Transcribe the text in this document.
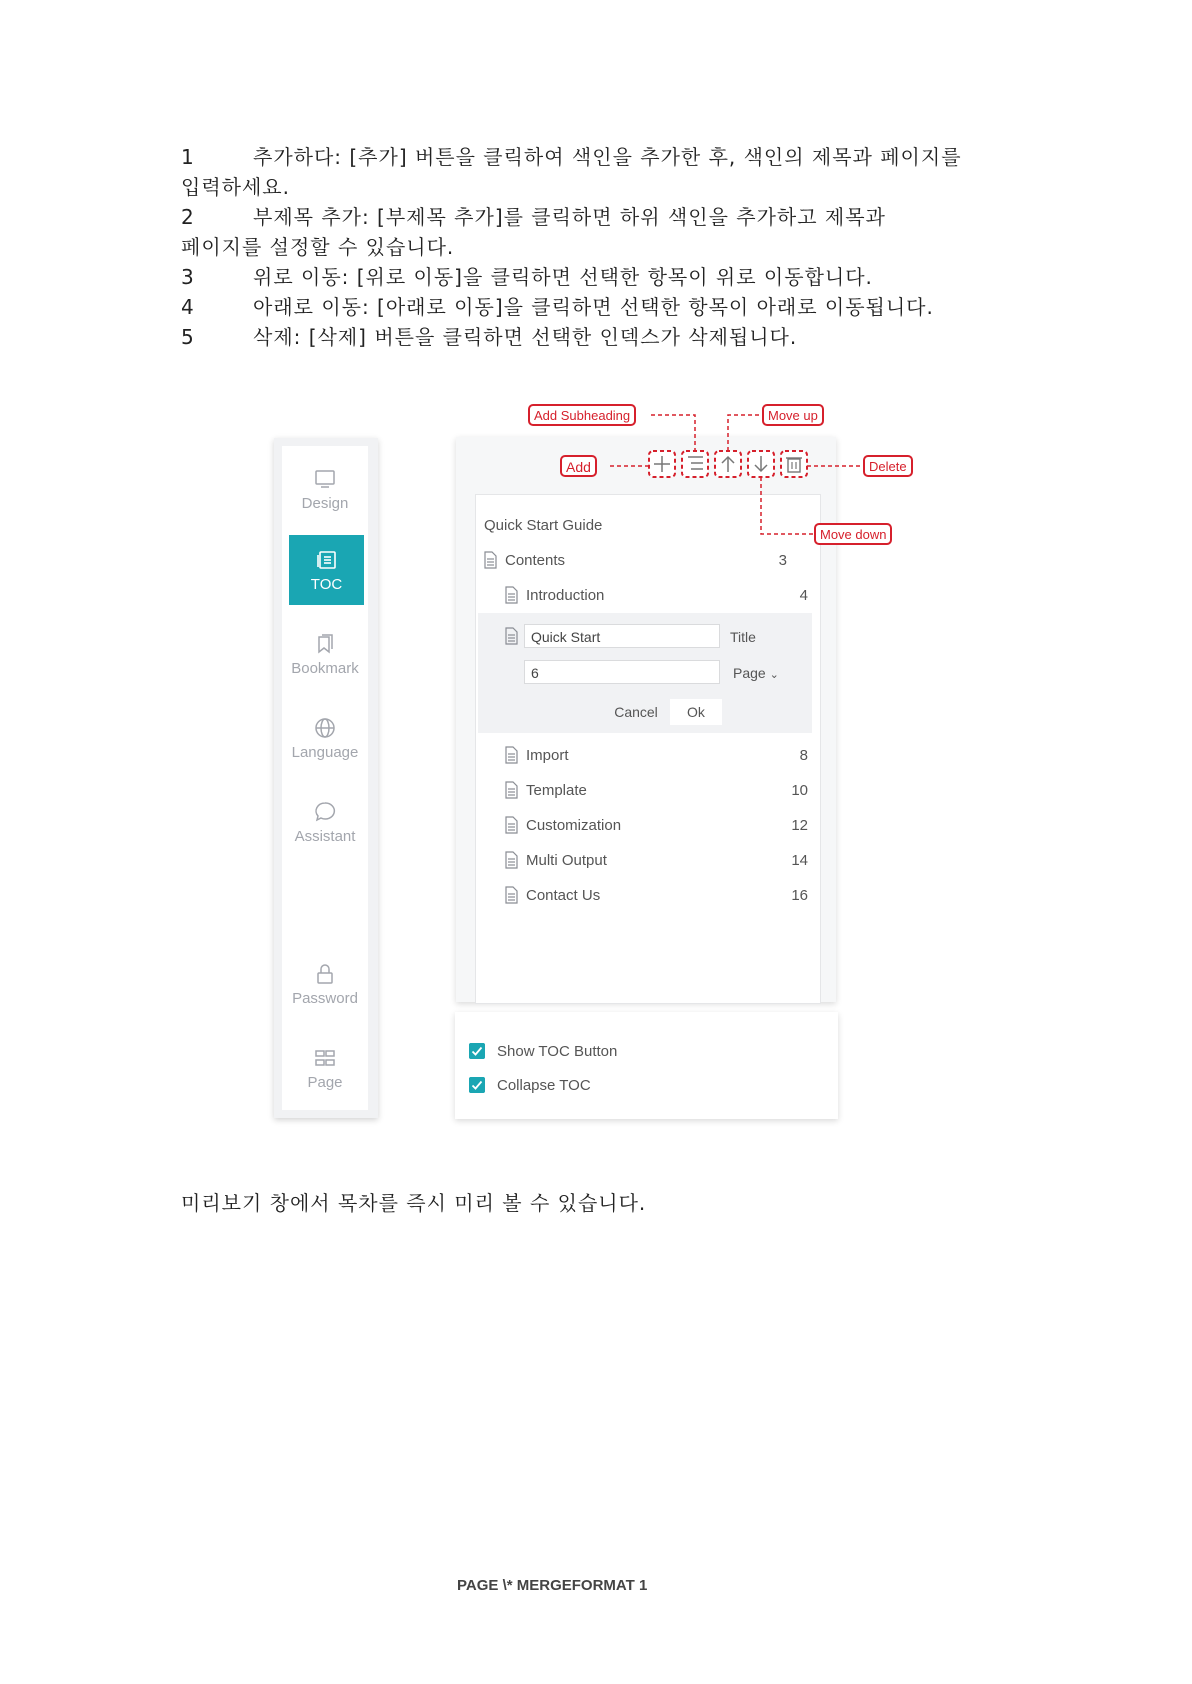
1	추가하다: [추가] 버튼을 클릭하여 색인을 추가한 후, 색인의 제목과 페이지를

입력하세요.

2	부제목 추가: [부제목 추가]를 클릭하면 하위 색인을 추가하고 제목과

페이지를 설정할 수 있습니다.

3	위로 이동: [위로 이동]을 클릭하면 선택한 항목이 위로 이동합니다.
4	아래로 이동: [아래로 이동]을 클릭하면 선택한 항목이 아래로 이동됩니다.
5	삭제: [삭제] 버튼을 클릭하면 선택한 인덱스가 삭제됩니다.
Design
TOC
Bookmark
Language
Assistant
Password
Page
Add
Add Subheading	Move up
Delete
Move down
Quick Start Guide
Contents	3
Introduction	4
Quick Start	Title
6	Page ⌄
Cancel	Ok
Import	8
Template	10
Customization	12
Multi Output	14
Contact Us	16
Show TOC Button
Collapse TOC
미리보기 창에서 목차를 즉시 미리 볼 수 있습니다.
PAGE \* MERGEFORMAT 1
